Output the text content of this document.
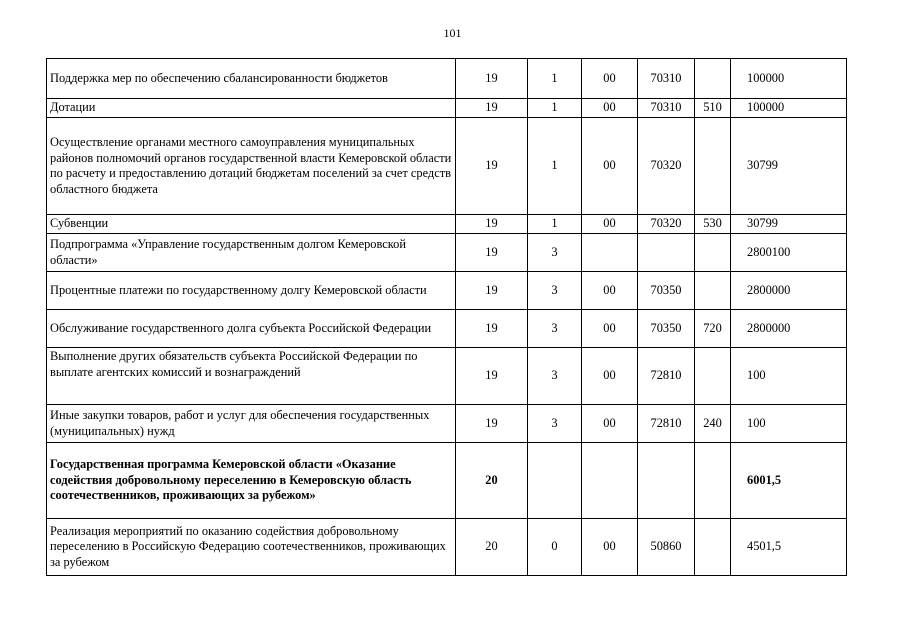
101
Поддержка мер по обеспечению сбалансированности бюджетов	19	1	00	70310		100000
Дотации	19	1	00	70310	510	100000
Осуществление органами местного самоуправления муниципальных районов полномочий органов государственной власти Кемеровской области по расчету и предоставлению дотаций бюджетам поселений за счет средств областного бюджета	19	1	00	70320		30799
Субвенции	19	1	00	70320	530	30799
Подпрограмма «Управление государственным долгом Кемеровской области»	19	3				2800100
Процентные платежи по государственному долгу Кемеровской области	19	3	00	70350		2800000
Обслуживание государственного долга субъекта Российской Федерации	19	3	00	70350	720	2800000
Выполнение других обязательств субъекта Российской Федерации по выплате агентских комиссий и вознаграждений	19	3	00	72810		100
Иные закупки товаров, работ и услуг для обеспечения государственных (муниципальных) нужд	19	3	00	72810	240	100
Государственная программа Кемеровской области «Оказание содействия добровольному переселению в Кемеровскую область соотечественников, проживающих за рубежом»	20					6001,5
Реализация мероприятий по оказанию содействия добровольному переселению в Российскую Федерацию соотечественников, проживающих за рубежом	20	0	00	50860		4501,5
